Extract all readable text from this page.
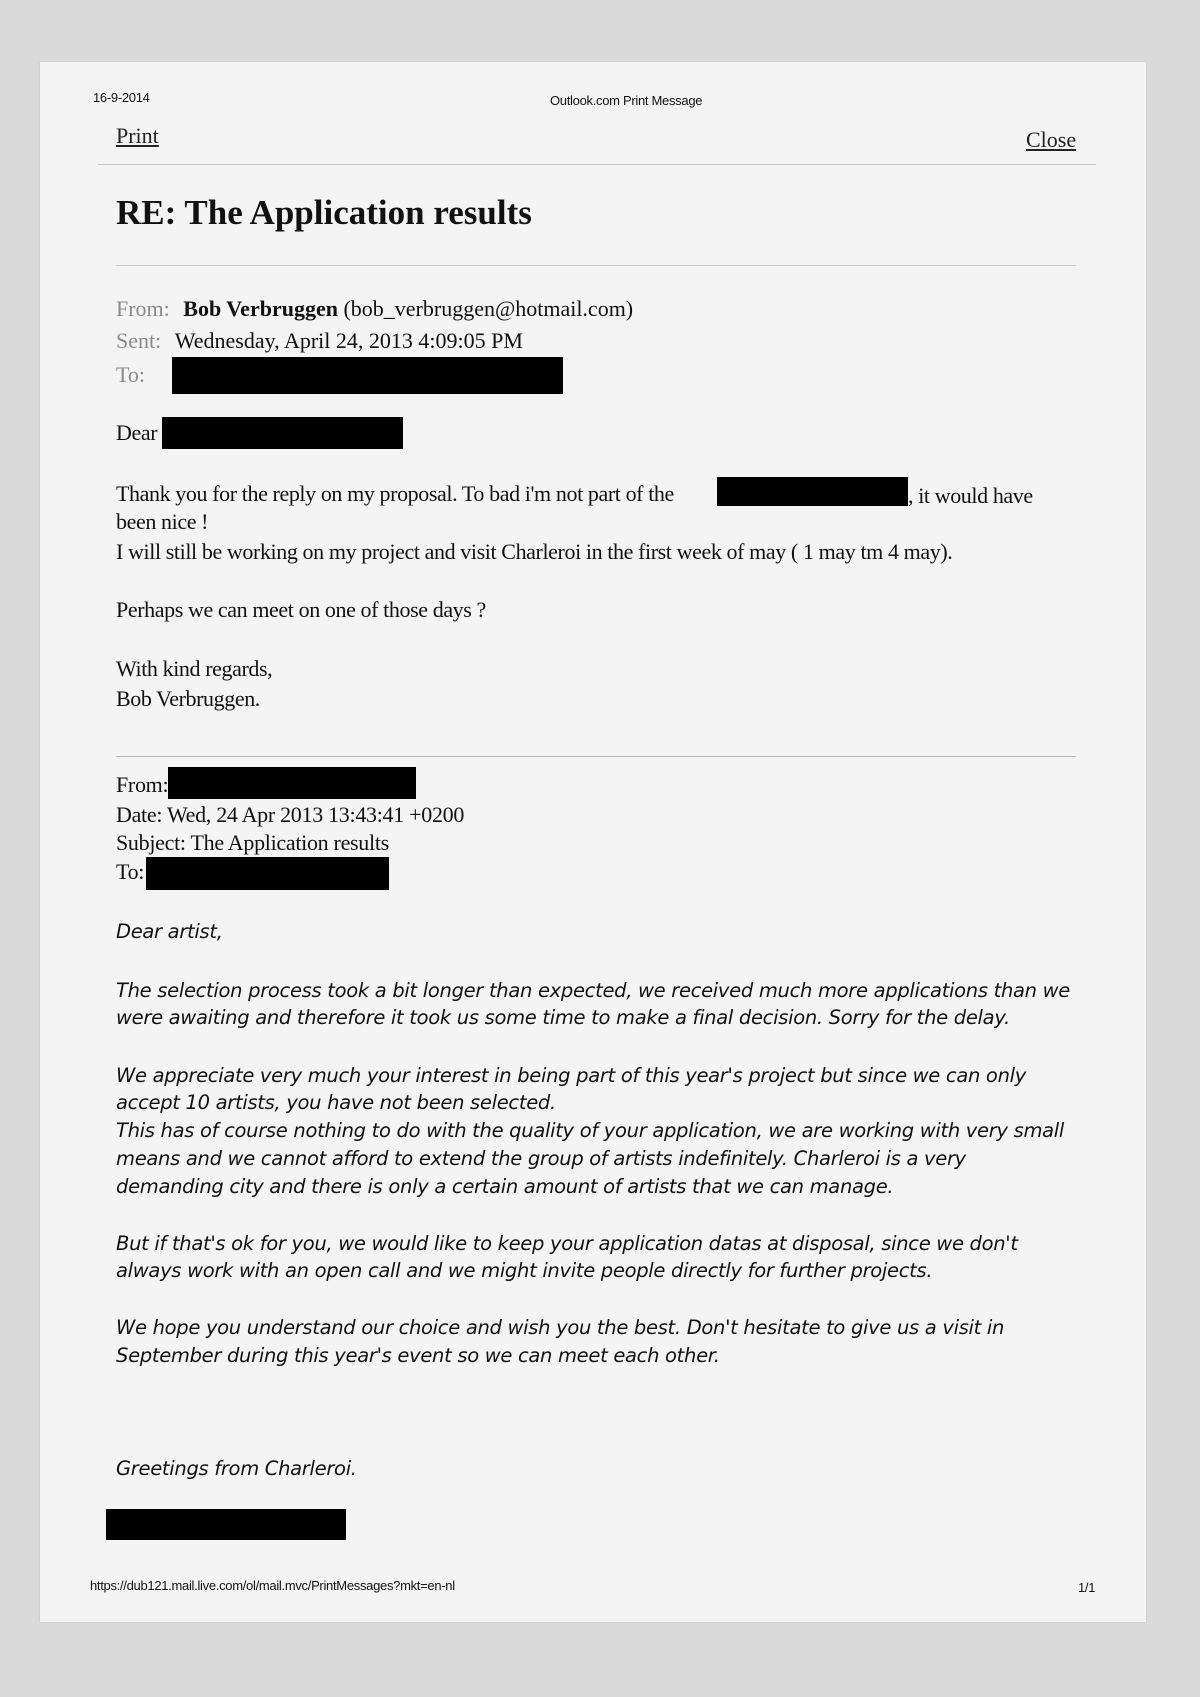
16-9-2014	Outlook.com Print Message
Print	Close
RE: The Application results
From: Bob Verbruggen (bob_verbruggen@hotmail.com)
Sent: Wednesday, April 24, 2013 4:09:05 PM
To:
Dear
Thank you for the reply on my proposal. To bad i'm not part of the	, it would have
been nice !
I will still be working on my project and visit Charleroi in the first week of may ( 1 may tm 4 may).
Perhaps we can meet on one of those days ?
With kind regards,
Bob Verbruggen.
From:
Date: Wed, 24 Apr 2013 13:43:41 +0200
Subject: The Application results
To:
Dear artist,
The selection process took a bit longer than expected, we received much more applications than we
were awaiting and therefore it took us some time to make a final decision. Sorry for the delay.
We appreciate very much your interest in being part of this year's project but since we can only
accept 10 artists, you have not been selected.
This has of course nothing to do with the quality of your application, we are working with very small
means and we cannot afford to extend the group of artists indefinitely. Charleroi is a very
demanding city and there is only a certain amount of artists that we can manage.
But if that's ok for you, we would like to keep your application datas at disposal, since we don't
always work with an open call and we might invite people directly for further projects.
We hope you understand our choice and wish you the best. Don't hesitate to give us a visit in
September during this year's event so we can meet each other.
Greetings from Charleroi.
https://dub121.mail.live.com/ol/mail.mvc/PrintMessages?mkt=en-nl	1/1
